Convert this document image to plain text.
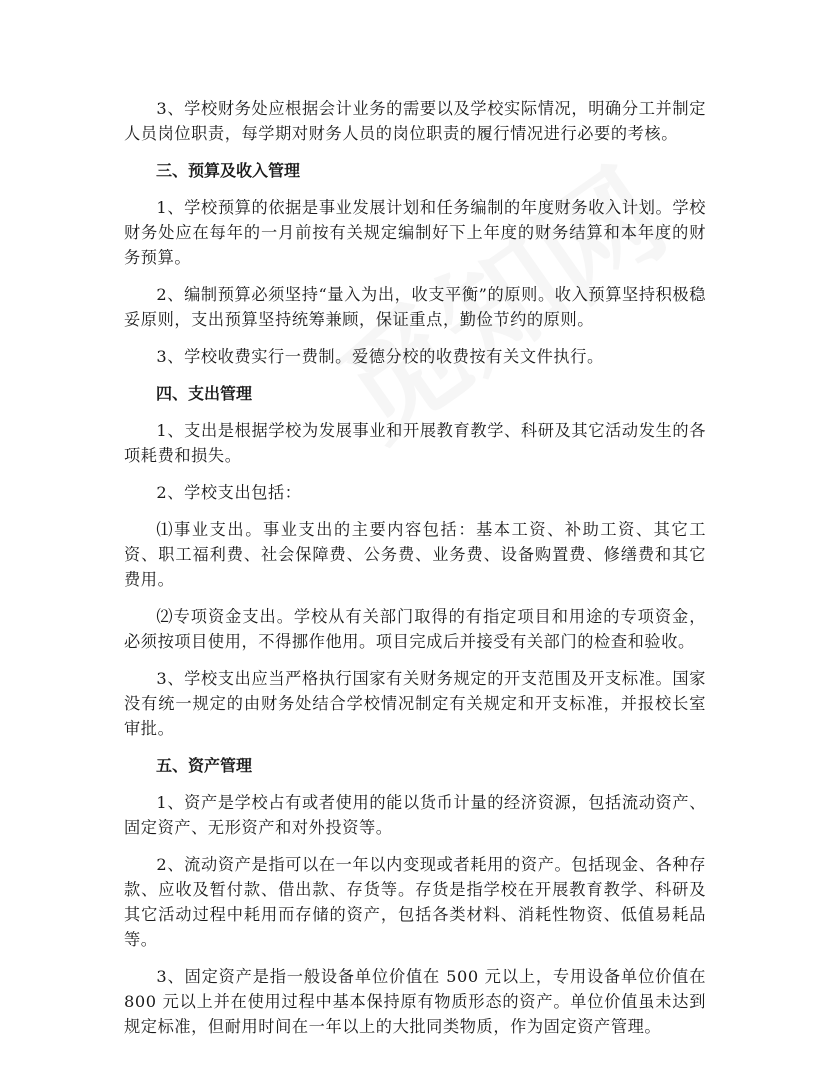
3、学校财务处应根据会计业务的需要以及学校实际情况，明确分工并制定人员岗位职责，每学期对财务人员的岗位职责的履行情况进行必要的考核。

三、预算及收入管理

1、学校预算的依据是事业发展计划和任务编制的年度财务收入计划。学校财务处应在每年的一月前按有关规定编制好下上年度的财务结算和本年度的财务预算。

2、编制预算必须坚持“量入为出，收支平衡”的原则。收入预算坚持积极稳妥原则，支出预算坚持统筹兼顾，保证重点，勤俭节约的原则。

3、学校收费实行一费制。爱德分校的收费按有关文件执行。

四、支出管理

1、支出是根据学校为发展事业和开展教育教学、科研及其它活动发生的各项耗费和损失。

2、学校支出包括：

⑴事业支出。事业支出的主要内容包括：基本工资、补助工资、其它工资、职工福利费、社会保障费、公务费、业务费、设备购置费、修缮费和其它费用。

⑵专项资金支出。学校从有关部门取得的有指定项目和用途的专项资金，必须按项目使用，不得挪作他用。项目完成后并接受有关部门的检查和验收。

3、学校支出应当严格执行国家有关财务规定的开支范围及开支标准。国家没有统一规定的由财务处结合学校情况制定有关规定和开支标准，并报校长室审批。

五、资产管理

1、资产是学校占有或者使用的能以货币计量的经济资源，包括流动资产、固定资产、无形资产和对外投资等。

2、流动资产是指可以在一年以内变现或者耗用的资产。包括现金、各种存款、应收及暂付款、借出款、存货等。存货是指学校在开展教育教学、科研及其它活动过程中耗用而存储的资产，包括各类材料、消耗性物资、低值易耗品等。

3、固定资产是指一般设备单位价值在 500 元以上，专用设备单位价值在 800 元以上并在使用过程中基本保持原有物质形态的资产。单位价值虽未达到规定标准，但耐用时间在一年以上的大批同类物质，作为固定资产管理。
